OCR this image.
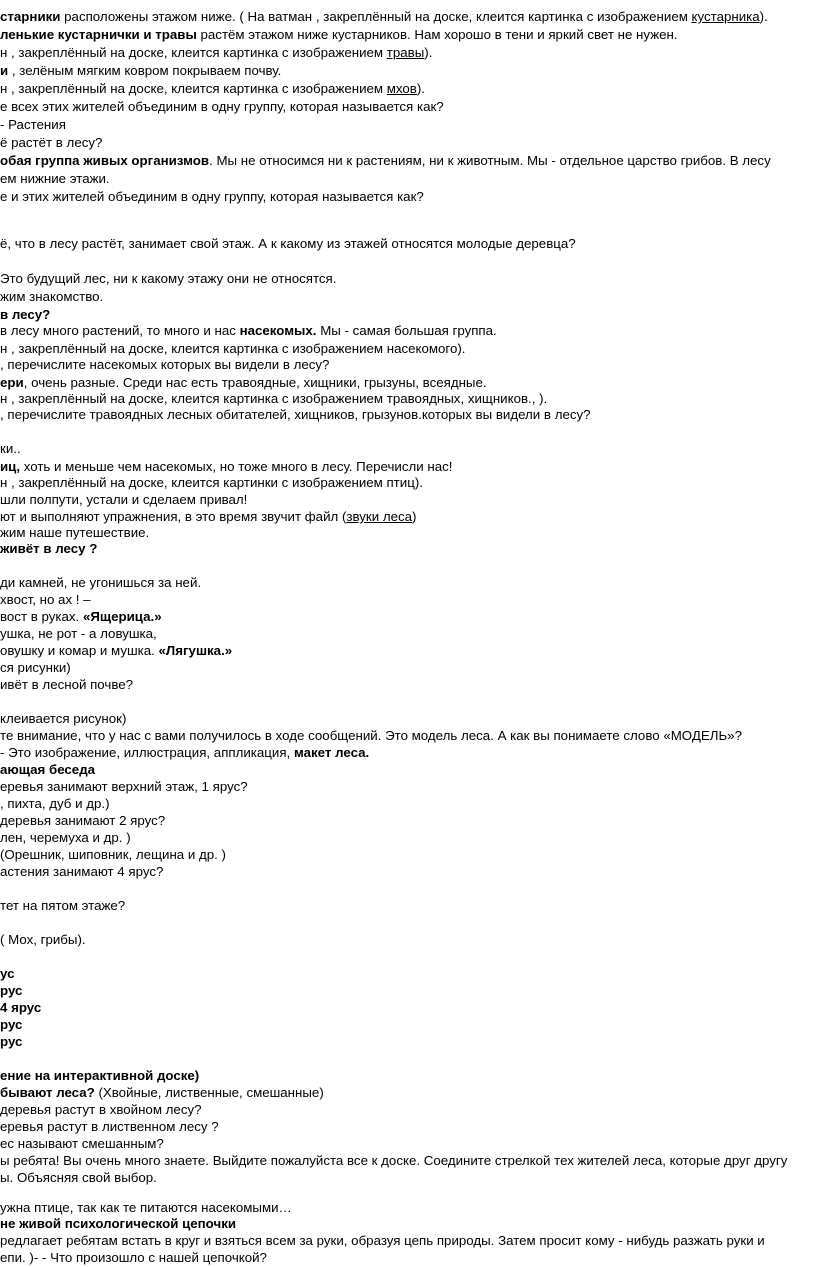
старники расположены этажом ниже. ( На ватман , закреплённый на доске, клеится картинка с изображением кустарника).
ленькие кустарнички и травы растём этажом ниже кустарников. Нам хорошо в тени и яркий свет не нужен.
н , закреплённый на доске, клеится картинка с изображением травы).
и , зелёным мягким ковром покрываем почву.
н , закреплённый на доске, клеится картинка с изображением мхов).
е всех этих жителей объединим в одну группу, которая называется как?
- Растения
ё растёт в лесу?
обая группа живых организмов. Мы не относимся ни к растениям, ни к животным. Мы - отдельное царство грибов. В лесу
ем нижние этажи.
е и этих жителей объединим в одну группу, которая называется как?
ё, что в лесу растёт, занимает свой этаж. А к какому из этажей относятся молодые деревца?
Это будущий лес, ни к какому этажу они не относятся.
жим знакомство.
в лесу?
в лесу много растений, то много и нас насекомых. Мы - самая большая группа.
н , закреплённый на доске, клеится картинка с изображением насекомого).
, перечислите насекомых которых вы видели в лесу?
ери, очень разные. Среди нас есть травоядные, хищники, грызуны, всеядные.
н , закреплённый на доске, клеится картинка с изображением травоядных, хищников., ).
, перечислите травоядных лесных обитателей, хищников, грызунов.которых вы видели в лесу?
ки..
иц, хоть и меньше чем насекомых, но тоже много в лесу. Перечисли нас!
н , закреплённый на доске, клеится картинки с изображением птиц).
шли полпути, устали и сделаем привал!
ют и выполняют упражнения, в это время звучит файл (звуки леса)
жим наше путешествие.
живёт в лесу ?
ди камней, не угонишься за ней.
хвост, но ах ! –
вост в руках. «Ящерица.»
ушка, не рот - а ловушка,
овушку и комар и мушка. «Лягушка.»
ся рисунки)
ивёт в лесной почве?
клеивается рисунок)
те внимание, что у нас с вами получилось в ходе сообщений. Это модель леса. А как вы понимаете слово «МОДЕЛЬ»?
- Это изображение, иллюстрация, аппликация, макет леса.
ающая беседа
еревья занимают верхний этаж, 1 ярус?
, пихта, дуб и др.)
деревья занимают 2 ярус?
лен, черемуха и др. )
(Орешник, шиповник, лещина и др. )
астения занимают 4 ярус?
тет на пятом этаже?
( Мох, грибы).
ус
рус
4 ярус
рус
рус
ение на интерактивной доске)
бывают леса? (Хвойные, лиственные, смешанные)
деревья растут в хвойном лесу?
еревья растут в лиственном лесу ?
ес называют смешанным?
ы ребята! Вы очень много знаете. Выйдите пожалуйста все к доске. Соедините стрелкой тех жителей леса, которые друг другу
ы. Объясняя свой выбор.
ужна птице, так как те питаются насекомыми…
не живой психологической цепочки
редлагает ребятам встать в круг и взяться всем за руки, образуя цепь природы. Затем просит кому - нибудь разжать руки и
епи. )- - Что произошло с нашей цепочкой?
